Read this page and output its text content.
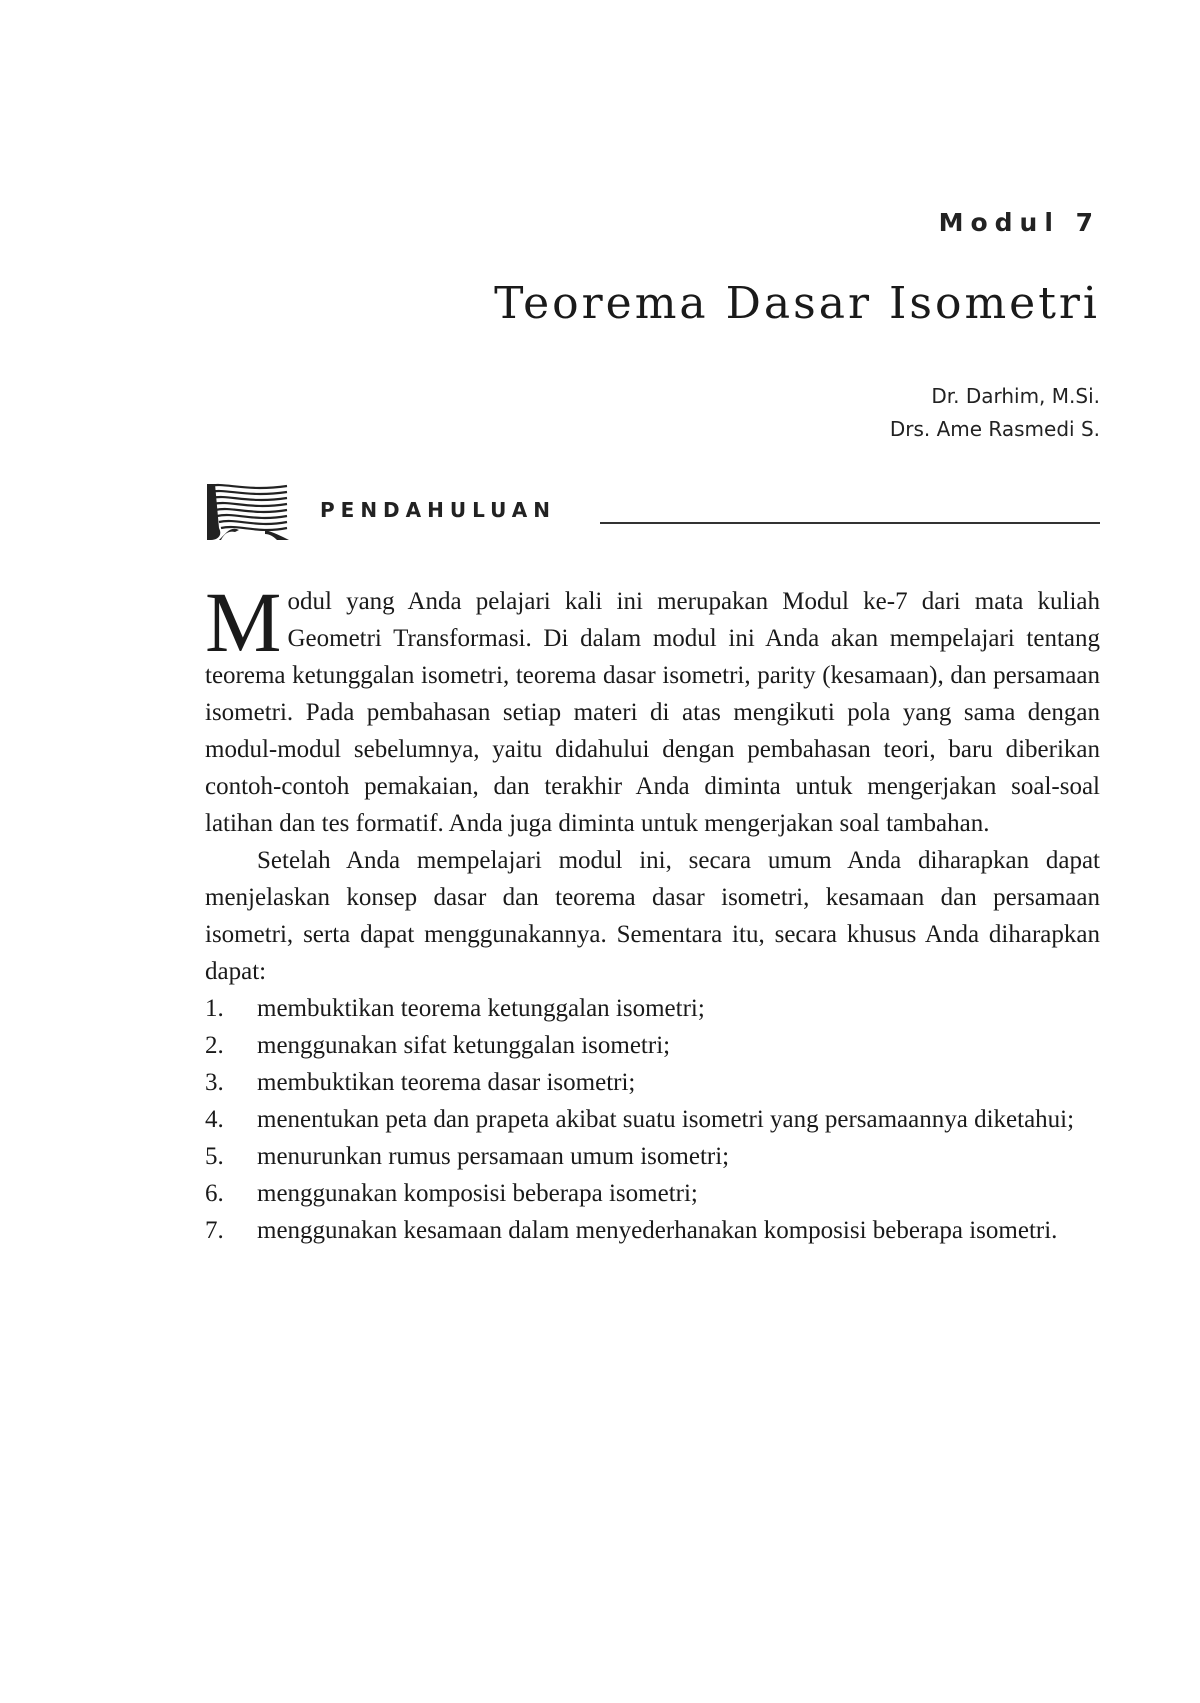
Modul 7
Teorema Dasar Isometri
Dr. Darhim, M.Si.
Drs. Ame Rasmedi S.
PENDAHULUAN

Modul yang Anda pelajari kali ini merupakan Modul ke-7 dari mata kuliah Geometri Transformasi. Di dalam modul ini Anda akan mempelajari tentang teorema ketunggalan isometri, teorema dasar isometri, parity (kesamaan), dan persamaan isometri. Pada pembahasan setiap materi di atas mengikuti pola yang sama dengan modul-modul sebelumnya, yaitu didahului dengan pembahasan teori, baru diberikan contoh-contoh pemakaian, dan terakhir Anda diminta untuk mengerjakan soal-soal latihan dan tes formatif. Anda juga diminta untuk mengerjakan soal tambahan.

Setelah Anda mempelajari modul ini, secara umum Anda diharapkan dapat menjelaskan konsep dasar dan teorema dasar isometri, kesamaan dan persamaan isometri, serta dapat menggunakannya. Sementara itu, secara khusus Anda diharapkan dapat:

1.	membuktikan teorema ketunggalan isometri;
2.	menggunakan sifat ketunggalan isometri;
3.	membuktikan teorema dasar isometri;
4.	menentukan peta dan prapeta akibat suatu isometri yang persamaannya diketahui;
5.	menurunkan rumus persamaan umum isometri;
6.	menggunakan komposisi beberapa isometri;
7.	menggunakan kesamaan dalam menyederhanakan komposisi beberapa isometri.
